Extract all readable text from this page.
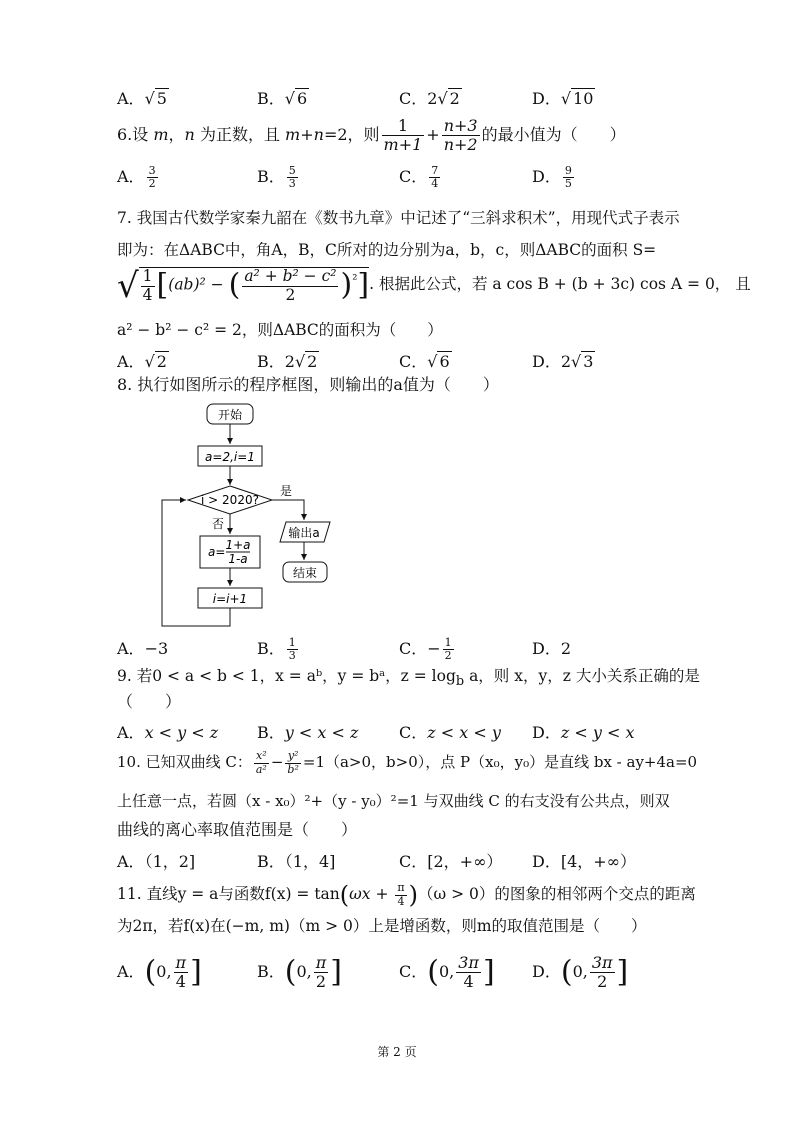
A．√ 5	B．√ 6	C．2√ 2	D．√ 10
6.设 m，n 为正数，且 m+n=2，则 $\frac{1}{m+1} + \frac{n+3}{n+2}$ 的最小值为（　　）
A． $\frac{3}{2}$	B． $\frac{5}{3}$	C． $\frac{7}{4}$	D． $\frac{9}{5}$
7. 我国古代数学家秦九韶在《数书九章》中记述了“三斜求积术”，用现代式子表示
即为：在ΔABC中，角A，B，C所对的边分别为a，b，c，则ΔABC的面积 S=
√ $\frac{1}{4} [(ab)^2$ − ( $\frac{\text{a² + b² − c²}}{2} )^{^2}$]. 根据此公式，若 a cos B + (b + 3c) cos A = 0， 且
a² − b² − c² = 2，则ΔABC的面积为（　　）
A．√ 2	B．2√ 2	C．√ 6	D．2√ 3
8. 执行如图所示的程序框图，则输出的a值为（　　）
开始
a=2,i=1
i > 2020?
是
输出a
结束
否
a= 1+a
1-a
i=i+1
A．−3	B． $\frac{1}{3}$	C．− $\frac{1}{2}$	D．2
9. 若0 < a < b < 1，x = aᵇ，y = bᵃ，$z = \log_b a$，则 x，y，z 大小关系正确的是
（　　）
A．x < y < z B．y < x < z	C．z < x < y D．z < y < x
10. 已知双曲线 C： $\frac{\text{x²}}{\text{a²}} - \frac{\text{y²}}{\text{b²}} =1(a>0$，b>0），点 P（x₀，y₀）是直线 bx - ay+4a=0
上任意一点，若圆（x - x₀）²+（y - y₀）²=1 与双曲线 C 的右支没有公共点，则双
曲线的离心率取值范围是（　　）
A．（1，2]	B．（1，4]	C．[2，+∞） D．[4，+∞）
11. 直线y = a与函数$f(x) = \tan(\omega x + \frac{\pi}{4} )(\omega > 0)$的图象的相邻两个交点的距离
为2π，若f(x)在(−m, m)（m > 0）上是增函数，则m的取值范围是（　　）
A．(0, $\frac{\pi}{4}$ ]	B．(0, $\frac{\pi}{2}$ ]	C．(0, $\frac{3\pi}{4}$ ] D．(0, $\frac{3\pi}{2}$ ]
第 2 页
